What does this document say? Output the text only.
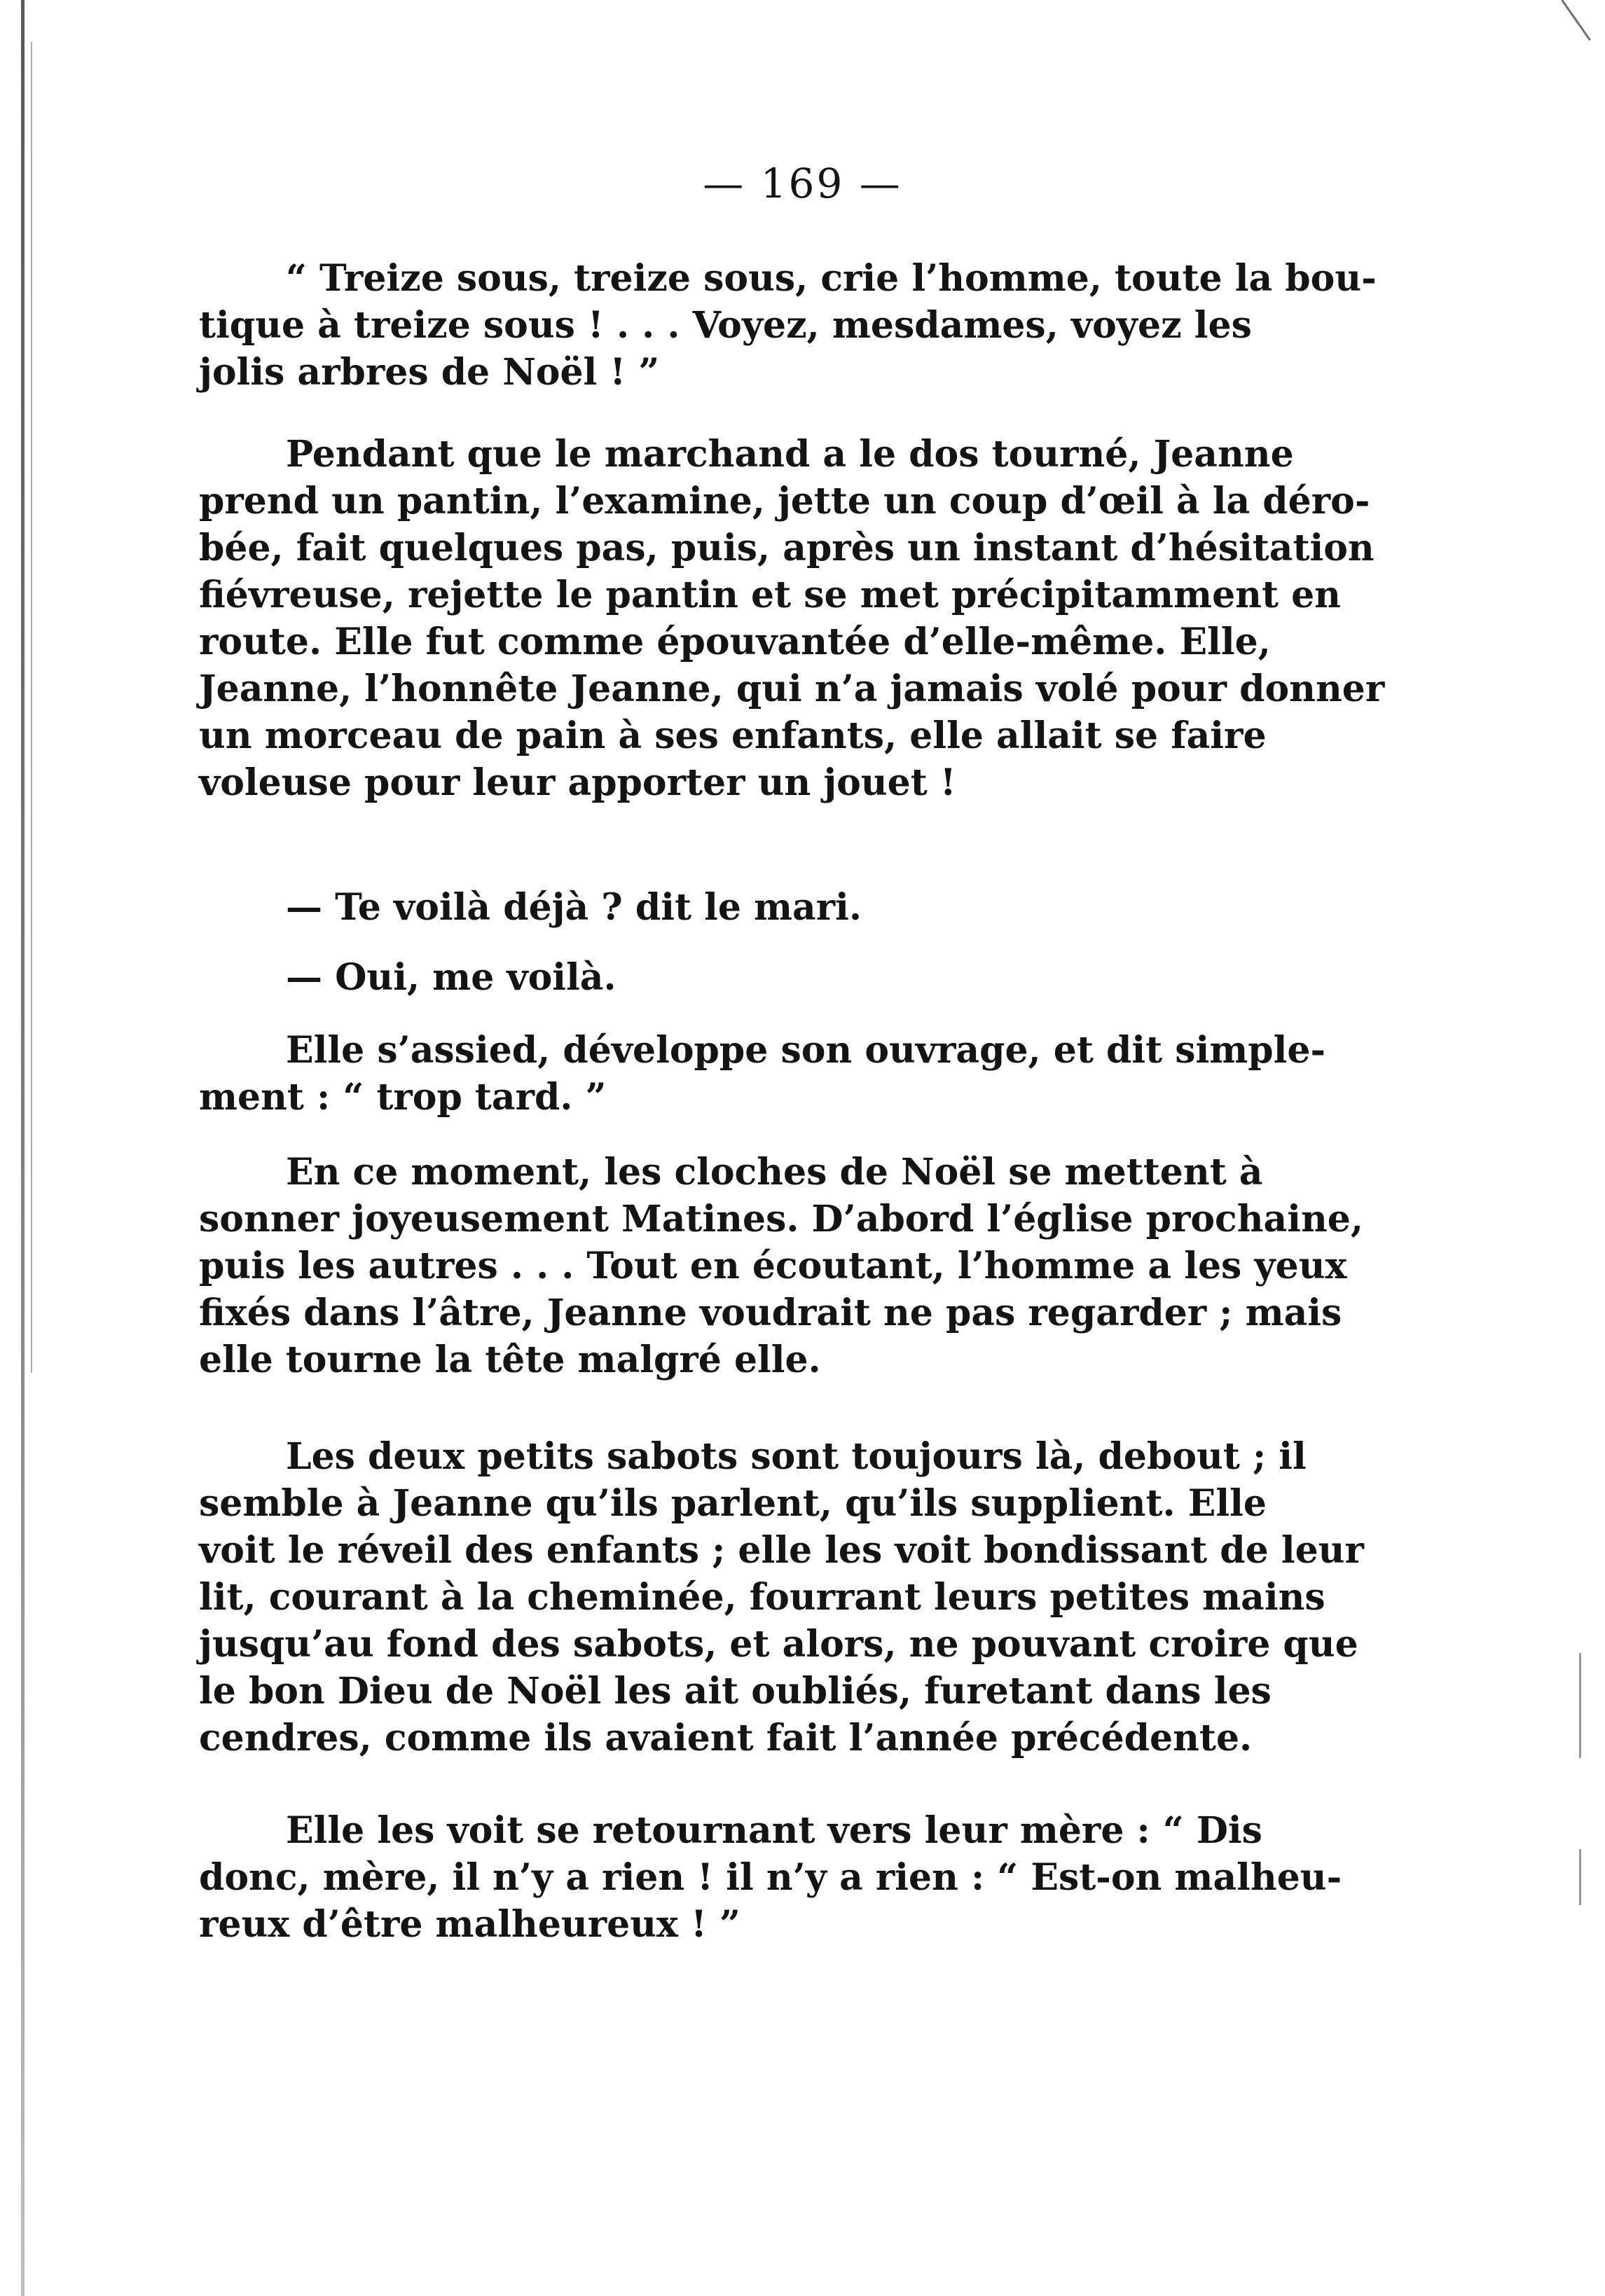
— 169 —
“ Treize sous, treize sous, crie l’homme, toute la bou-
tique à treize sous ! . . . Voyez, mesdames, voyez les
jolis arbres de Noël ! ”
Pendant que le marchand a le dos tourné, Jeanne
prend un pantin, l’examine, jette un coup d’œil à la déro-
bée, fait quelques pas, puis, après un instant d’hésitation
fiévreuse, rejette le pantin et se met précipitamment en
route. Elle fut comme épouvantée d’elle-même. Elle,
Jeanne, l’honnête Jeanne, qui n’a jamais volé pour donner
un morceau de pain à ses enfants, elle allait se faire
voleuse pour leur apporter un jouet !
— Te voilà déjà ? dit le mari.
— Oui, me voilà.
Elle s’assied, développe son ouvrage, et dit simple-
ment : “ trop tard. ”
En ce moment, les cloches de Noël se mettent à
sonner joyeusement Matines. D’abord l’église prochaine,
puis les autres . . . Tout en écoutant, l’homme a les yeux
fixés dans l’âtre, Jeanne voudrait ne pas regarder ; mais
elle tourne la tête malgré elle.
Les deux petits sabots sont toujours là, debout ; il
semble à Jeanne qu’ils parlent, qu’ils supplient. Elle
voit le réveil des enfants ; elle les voit bondissant de leur
lit, courant à la cheminée, fourrant leurs petites mains
jusqu’au fond des sabots, et alors, ne pouvant croire que
le bon Dieu de Noël les ait oubliés, furetant dans les
cendres, comme ils avaient fait l’année précédente.
Elle les voit se retournant vers leur mère : “ Dis
donc, mère, il n’y a rien ! il n’y a rien : “ Est-on malheu-
reux d’être malheureux ! ”
